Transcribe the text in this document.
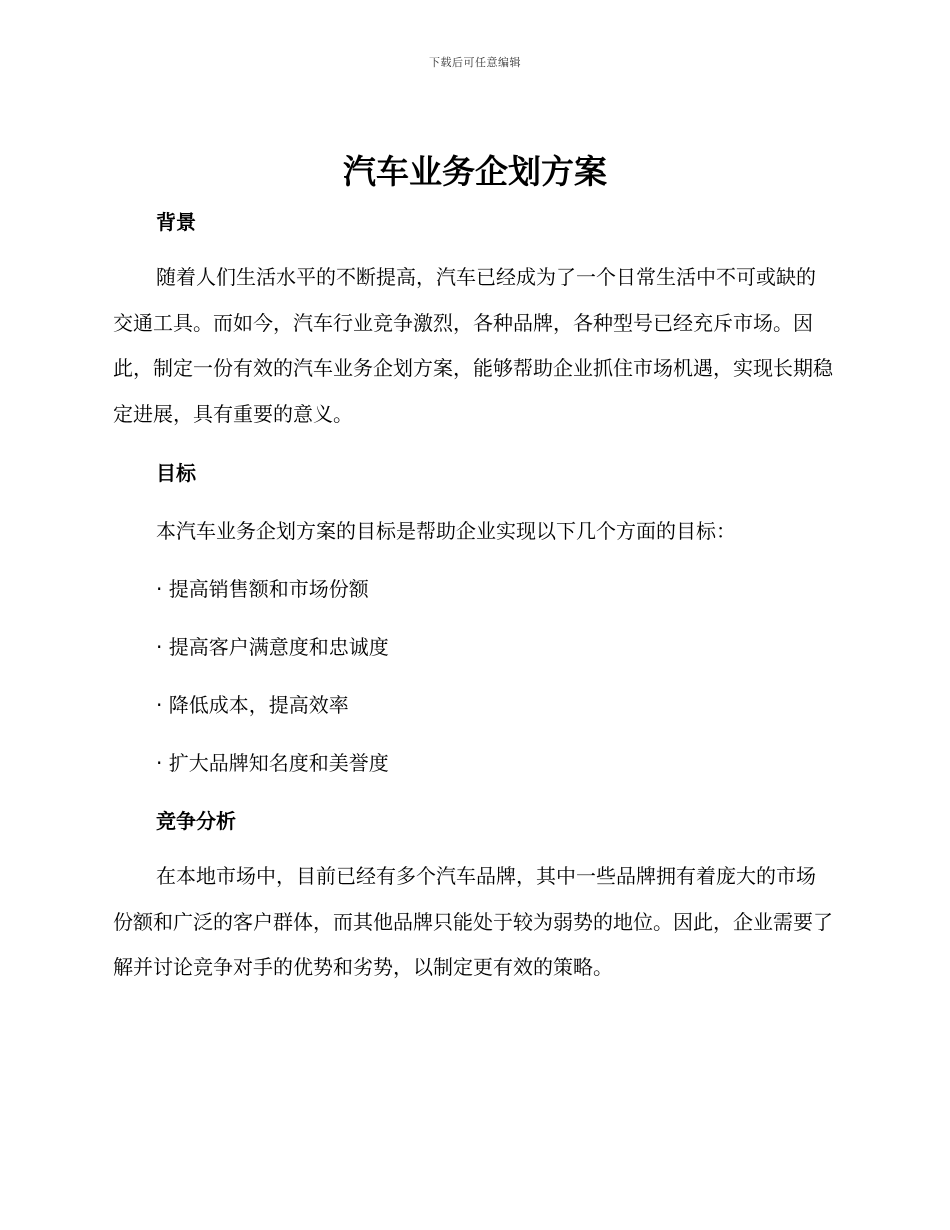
下载后可任意编辑
汽车业务企划方案
背景

随着人们生活水平的不断提高，汽车已经成为了一个日常生活中不可或缺的交通工具。而如今，汽车行业竞争激烈，各种品牌，各种型号已经充斥市场。因此，制定一份有效的汽车业务企划方案，能够帮助企业抓住市场机遇，实现长期稳定进展，具有重要的意义。

目标

本汽车业务企划方案的目标是帮助企业实现以下几个方面的目标：

· 提高销售额和市场份额

· 提高客户满意度和忠诚度

· 降低成本，提高效率

· 扩大品牌知名度和美誉度

竞争分析

在本地市场中，目前已经有多个汽车品牌，其中一些品牌拥有着庞大的市场份额和广泛的客户群体，而其他品牌只能处于较为弱势的地位。因此，企业需要了解并讨论竞争对手的优势和劣势，以制定更有效的策略。
